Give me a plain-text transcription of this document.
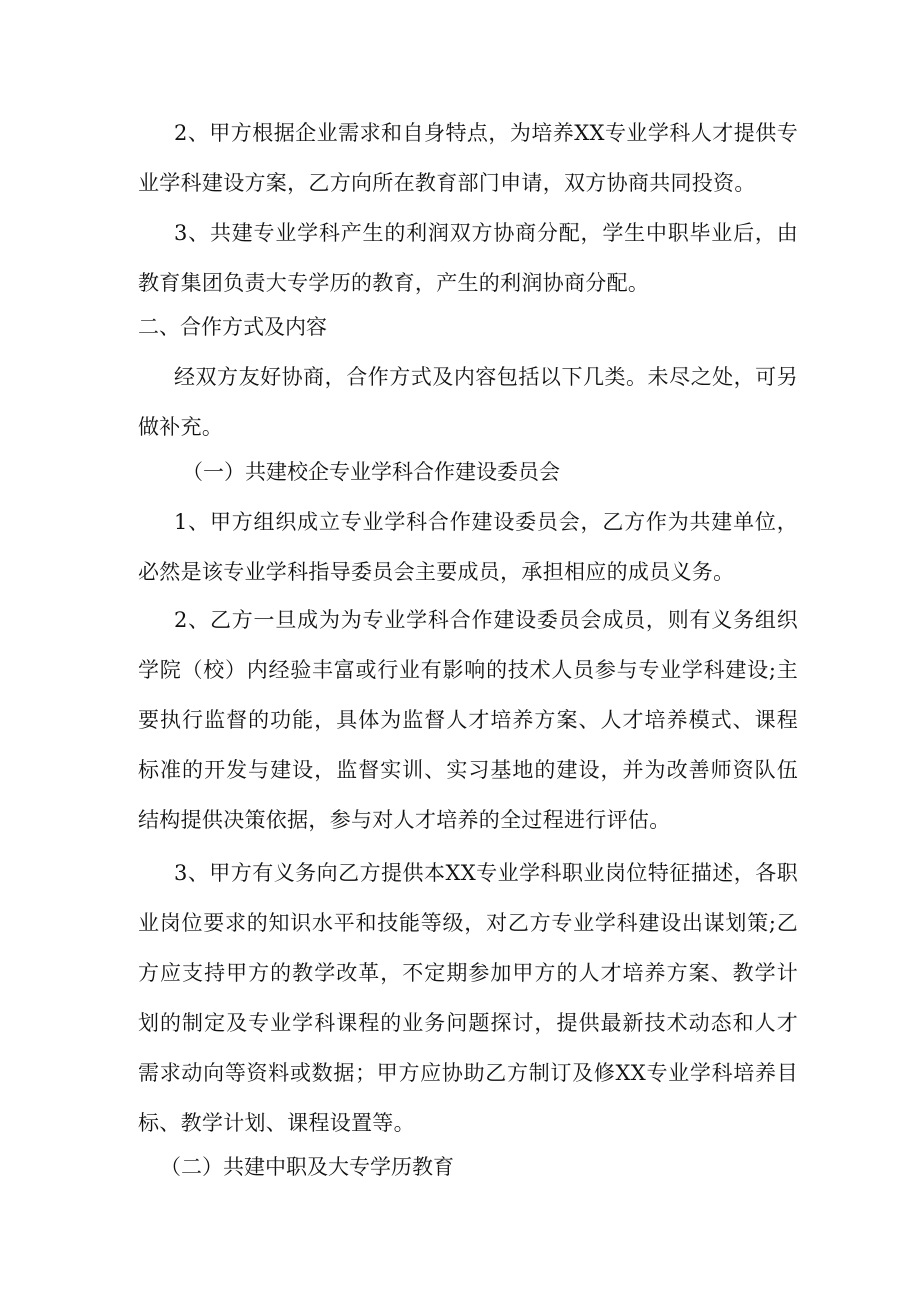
2、甲方根据企业需求和自身特点，为培养XX专业学科人才提供专业学科建设方案，乙方向所在教育部门申请，双方协商共同投资。

3、共建专业学科产生的利润双方协商分配，学生中职毕业后，由教育集团负责大专学历的教育，产生的利润协商分配。

二、合作方式及内容

经双方友好协商，合作方式及内容包括以下几类。未尽之处，可另做补充。

（一）共建校企专业学科合作建设委员会

1、甲方组织成立专业学科合作建设委员会，乙方作为共建单位，必然是该专业学科指导委员会主要成员，承担相应的成员义务。

2、乙方一旦成为为专业学科合作建设委员会成员，则有义务组织学院（校）内经验丰富或行业有影响的技术人员参与专业学科建设;主要执行监督的功能，具体为监督人才培养方案、人才培养模式、课程标准的开发与建设，监督实训、实习基地的建设，并为改善师资队伍结构提供决策依据，参与对人才培养的全过程进行评估。

3、甲方有义务向乙方提供本XX专业学科职业岗位特征描述，各职业岗位要求的知识水平和技能等级，对乙方专业学科建设出谋划策;乙方应支持甲方的教学改革，不定期参加甲方的人才培养方案、教学计划的制定及专业学科课程的业务问题探讨，提供最新技术动态和人才需求动向等资料或数据；甲方应协助乙方制订及修XX专业学科培养目标、教学计划、课程设置等。

（二）共建中职及大专学历教育
